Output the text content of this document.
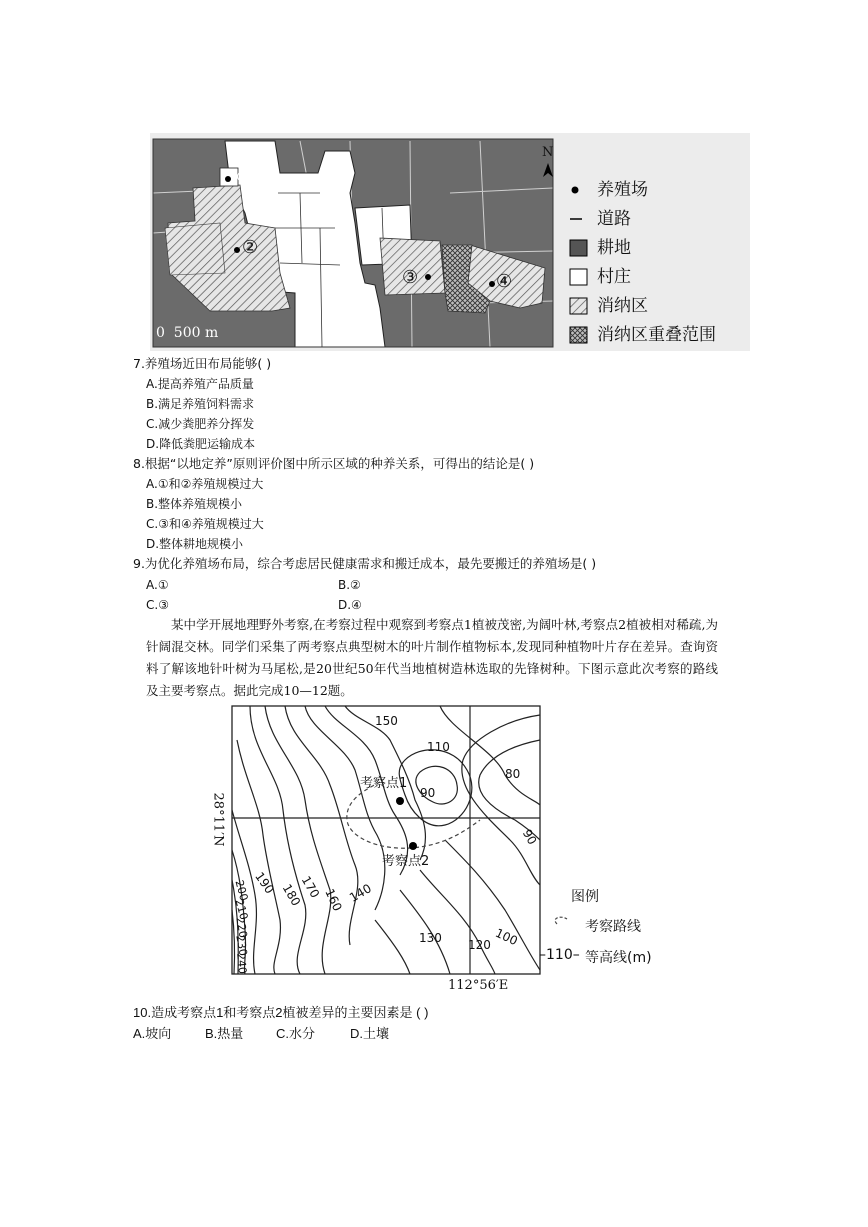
N
0  500 m
①
②
③	④
养殖场
道路
耕地
村庄
消纳区
消纳区重叠范围
7.养殖场近田布局能够( )
A.提高养殖产品质量
B.满足养殖饲料需求
C.减少粪肥养分挥发
D.降低粪肥运输成本
8.根据“以地定养”原则评价图中所示区域的种养关系，可得出的结论是( )
A.①和②养殖规模过大
B.整体养殖规模小
C.③和④养殖规模过大
D.整体耕地规模小
9.为优化养殖场布局，综合考虑居民健康需求和搬迁成本，最先要搬迁的养殖场是( )
A.①	B.②
C.③	D.④
某中学开展地理野外考察,在考察过程中观察到考察点1植被茂密,为阔叶林,考察点2植被相对稀疏,为针阔混交林。同学们采集了两考察点典型树木的叶片制作植物标本,发现同种植物叶片存在差异。查询资料了解该地针叶树为马尾松,是20世纪50年代当地植树造林选取的先锋树种。下图示意此次考察的路线及主要考察点。据此完成10—12题。
150
110
90
80
90
190 180
170 160 140
130 120 100
200
210
220
230
240
考察点1
考察点2
28°11′N
112°56′E
图例
考察路线
–110– 等高线(m)
10.造成考察点1和考察点2植被差异的主要因素是 ( )
A.坡向	B.热量	C.水分	D.土壤
